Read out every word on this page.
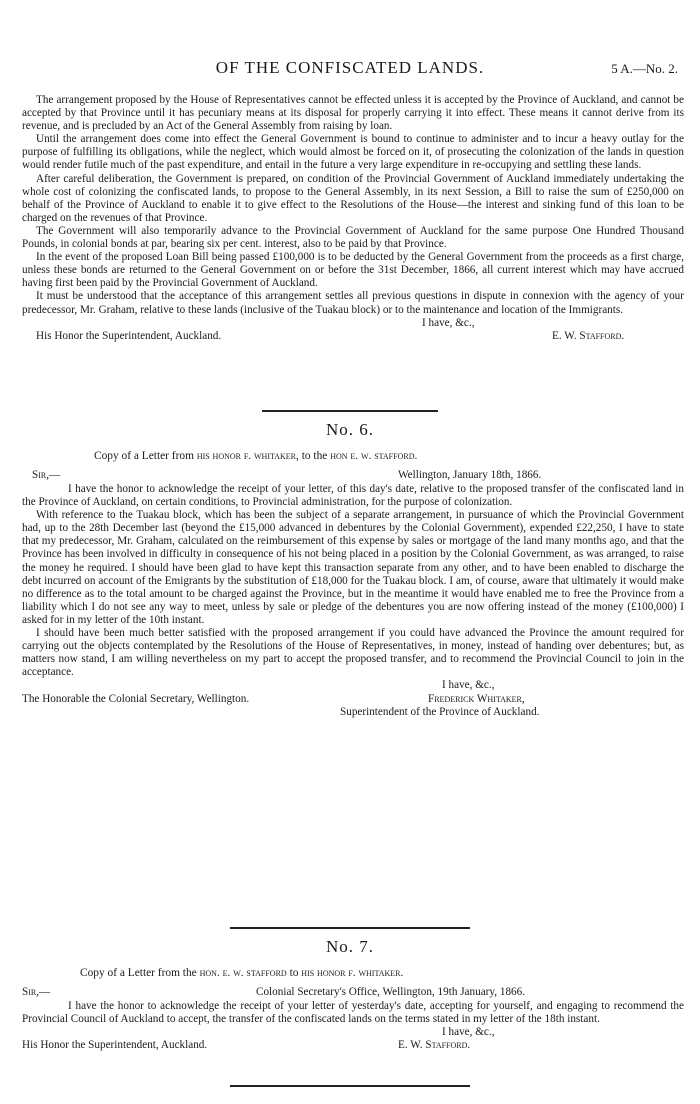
OF THE CONFISCATED LANDS.	5 A.—No. 2.

The arrangement proposed by the House of Representatives cannot be effected unless it is accepted by the Province of Auckland, and cannot be accepted by that Province until it has pecuniary means at its disposal for properly carrying it into effect. These means it cannot derive from its revenue, and is precluded by an Act of the General Assembly from raising by loan.

Until the arrangement does come into effect the General Government is bound to continue to administer and to incur a heavy outlay for the purpose of fulfilling its obligations, while the neglect, which would almost be forced on it, of prosecuting the colonization of the lands in question would render futile much of the past expenditure, and entail in the future a very large expenditure in re-occupying and settling these lands.

After careful deliberation, the Government is prepared, on condition of the Provincial Government of Auckland immediately undertaking the whole cost of colonizing the confiscated lands, to propose to the General Assembly, in its next Session, a Bill to raise the sum of £250,000 on behalf of the Province of Auckland to enable it to give effect to the Resolutions of the House—the interest and sinking fund of this loan to be charged on the revenues of that Province.

The Government will also temporarily advance to the Provincial Government of Auckland for the same purpose One Hundred Thousand Pounds, in colonial bonds at par, bearing six per cent. interest, also to be paid by that Province.

In the event of the proposed Loan Bill being passed £100,000 is to be deducted by the General Government from the proceeds as a first charge, unless these bonds are returned to the General Government on or before the 31st December, 1866, all current interest which may have accrued having first been paid by the Provincial Government of Auckland.

It must be understood that the acceptance of this arrangement settles all previous questions in dispute in connexion with the agency of your predecessor, Mr. Graham, relative to these lands (inclusive of the Tuakau block) or to the maintenance and location of the Immigrants.

I have, &c.,
His Honor the Superintendent, Auckland.	E. W. Stafford.
No. 6.
Copy of a Letter from his honor f. whitaker, to the hon e. w. stafford.
Sir,—	Wellington, January 18th, 1866.

I have the honor to acknowledge the receipt of your letter, of this day's date, relative to the proposed transfer of the confiscated land in the Province of Auckland, on certain conditions, to Provincial administration, for the purpose of colonization.

With reference to the Tuakau block, which has been the subject of a separate arrangement, in pursuance of which the Provincial Government had, up to the 28th December last (beyond the £15,000 advanced in debentures by the Colonial Government), expended £22,250, I have to state that my predecessor, Mr. Graham, calculated on the reimbursement of this expense by sales or mortgage of the land many months ago, and that the Province has been involved in difficulty in consequence of his not being placed in a position by the Colonial Government, as was arranged, to raise the money he required. I should have been glad to have kept this transaction separate from any other, and to have been enabled to discharge the debt incurred on account of the Emigrants by the substitution of £18,000 for the Tuakau block. I am, of course, aware that ultimately it would make no difference as to the total amount to be charged against the Province, but in the meantime it would have enabled me to free the Province from a liability which I do not see any way to meet, unless by sale or pledge of the debentures you are now offering instead of the money (£100,000) I asked for in my letter of the 10th instant.

I should have been much better satisfied with the proposed arrangement if you could have advanced the Province the amount required for carrying out the objects contemplated by the Resolutions of the House of Representatives, in money, instead of handing over debentures; but, as matters now stand, I am willing nevertheless on my part to accept the proposed transfer, and to recommend the Provincial Council to join in the acceptance.

I have, &c.,
The Honorable the Colonial Secretary, Wellington.	Frederick Whitaker,
Superintendent of the Province of Auckland.
No. 7.
Copy of a Letter from the hon. e. w. stafford to his honor f. whitaker.
Sir,—	Colonial Secretary's Office, Wellington, 19th January, 1866.

I have the honor to acknowledge the receipt of your letter of yesterday's date, accepting for yourself, and engaging to recommend the Provincial Council of Auckland to accept, the transfer of the confiscated lands on the terms stated in my letter of the 18th instant.

I have, &c.,
His Honor the Superintendent, Auckland.	E. W. Stafford.
